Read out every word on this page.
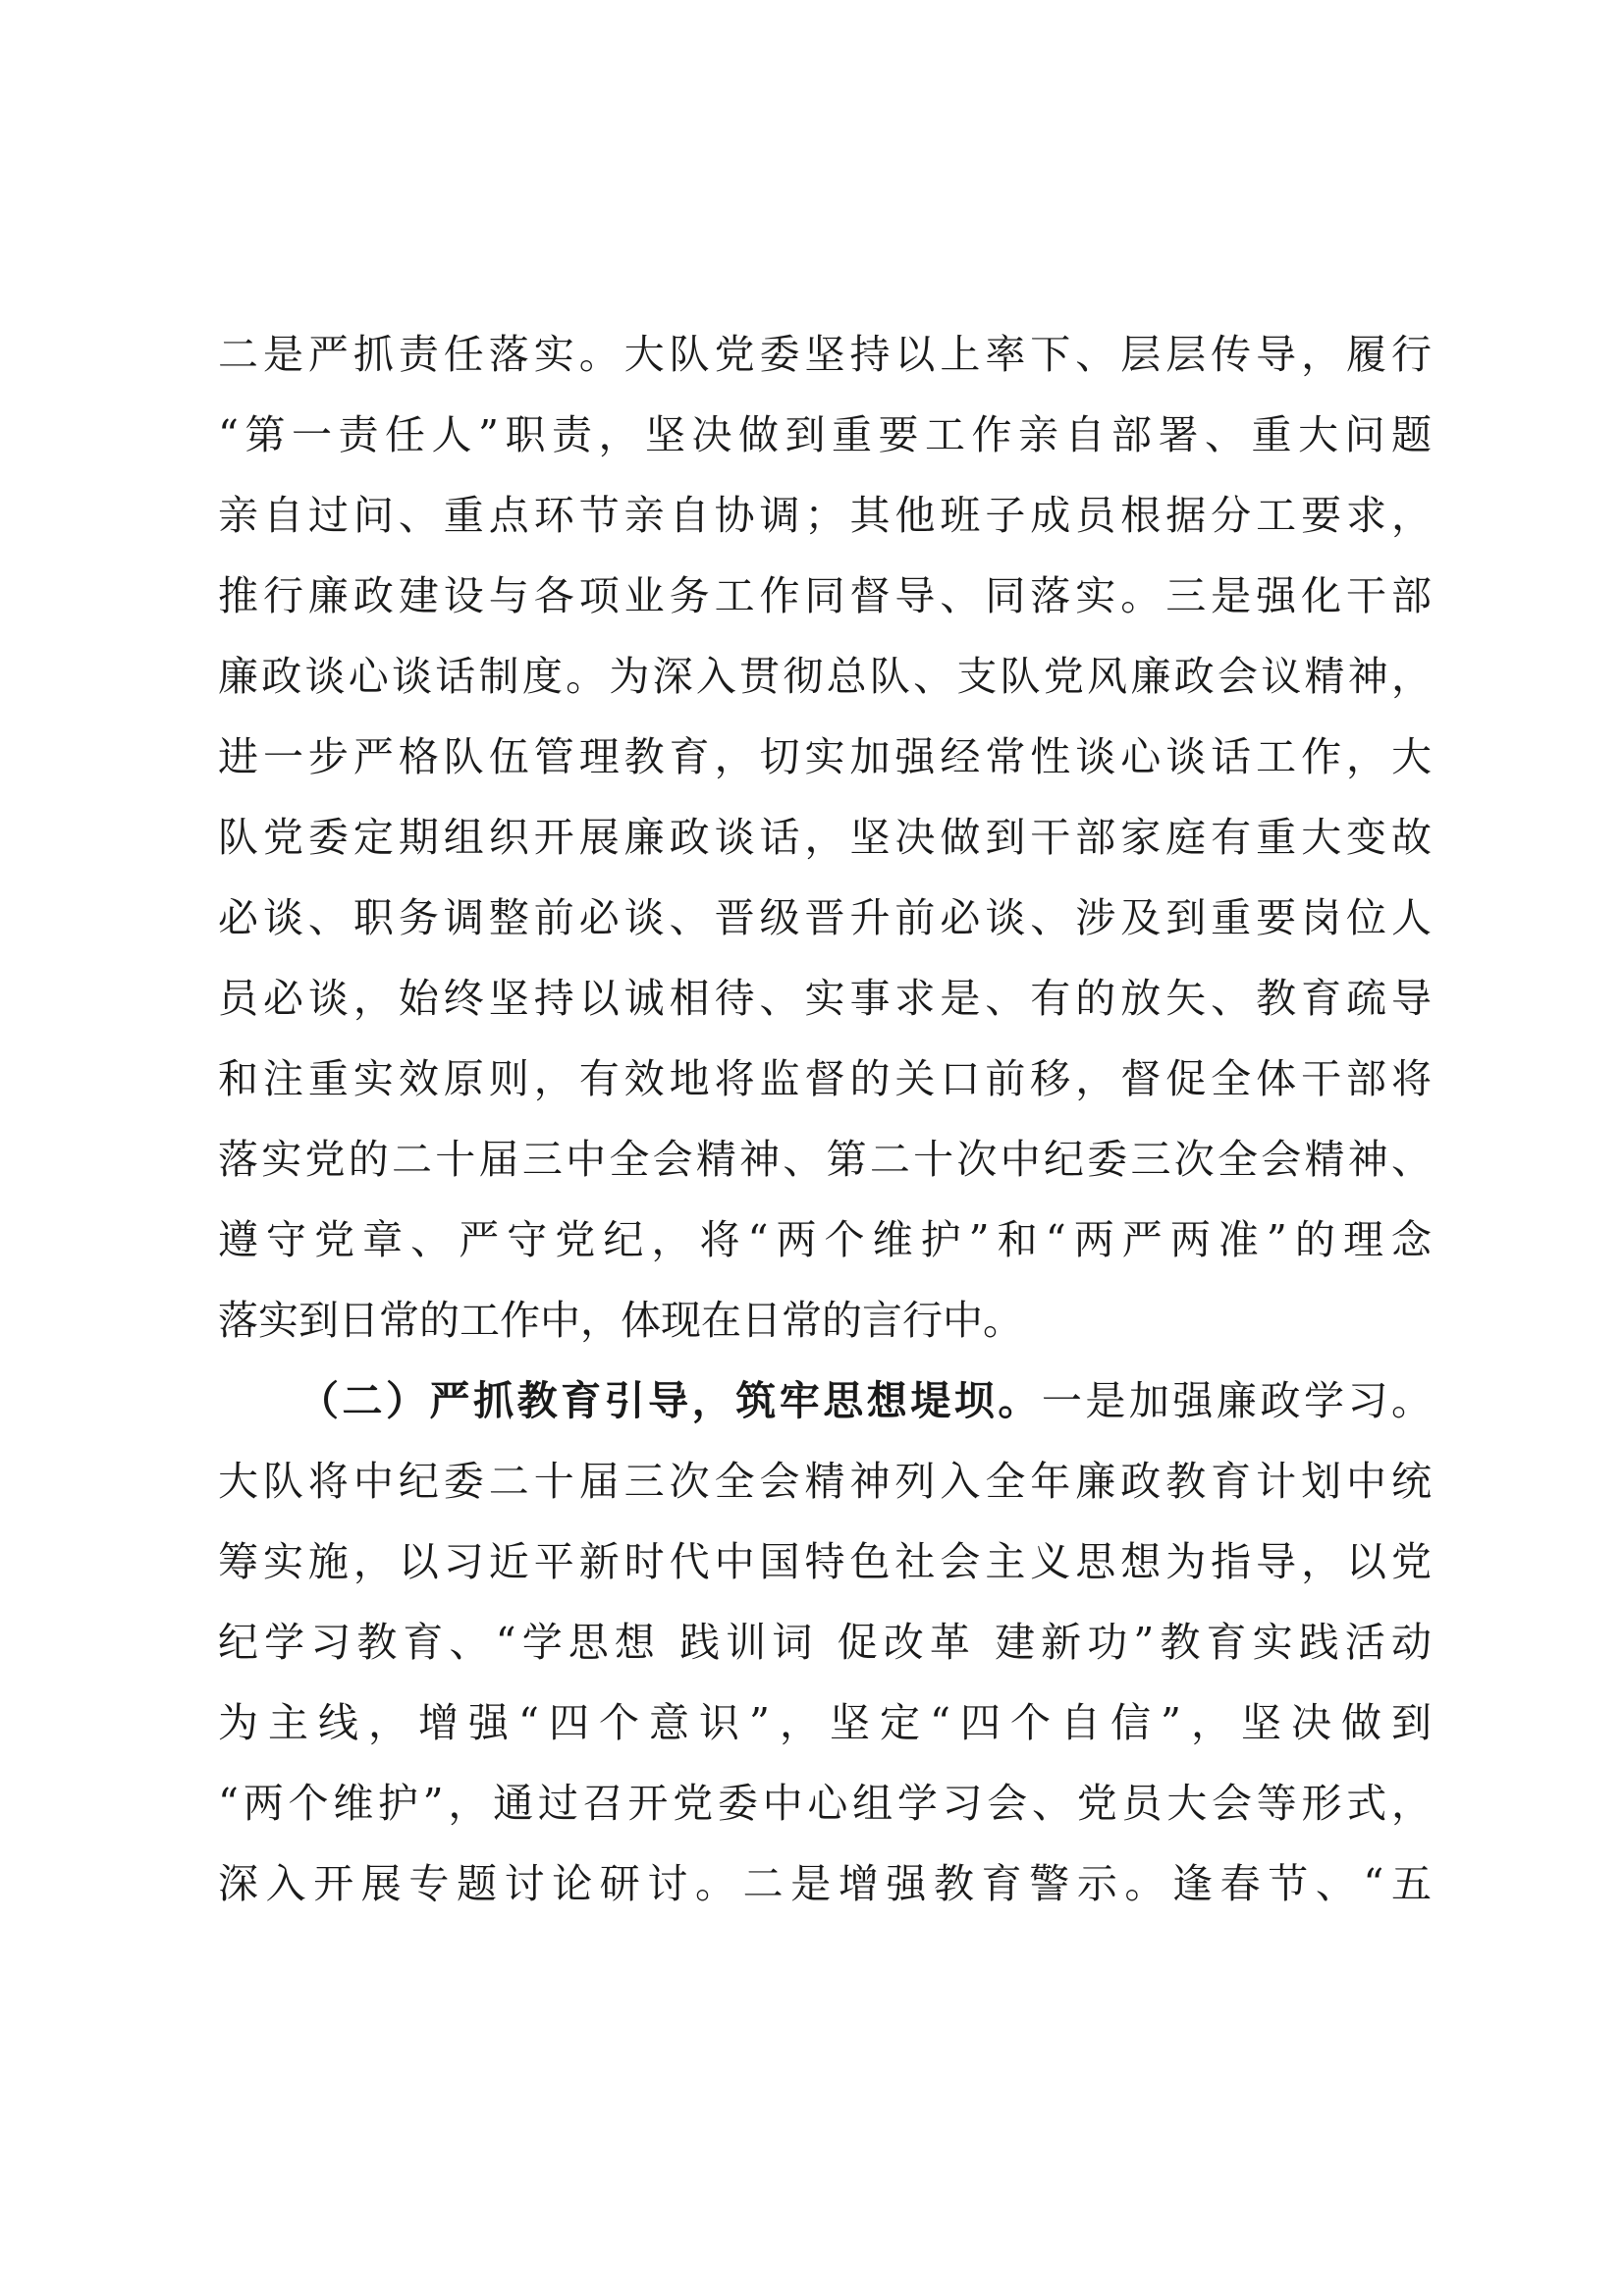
二是严抓责任落实。大队党委坚持以上率下、层层传导，履行
“第一责任人”职责，坚决做到重要工作亲自部署、重大问题
亲自过问、重点环节亲自协调；其他班子成员根据分工要求，
推行廉政建设与各项业务工作同督导、同落实。三是强化干部
廉政谈心谈话制度。为深入贯彻总队、支队党风廉政会议精神，
进一步严格队伍管理教育，切实加强经常性谈心谈话工作，大
队党委定期组织开展廉政谈话，坚决做到干部家庭有重大变故
必谈、职务调整前必谈、晋级晋升前必谈、涉及到重要岗位人
员必谈，始终坚持以诚相待、实事求是、有的放矢、教育疏导
和注重实效原则，有效地将监督的关口前移，督促全体干部将
落实党的二十届三中全会精神、第二十次中纪委三次全会精神、
遵守党章、严守党纪，将“两个维护”和“两严两准”的理念
落实到日常的工作中，体现在日常的言行中。
（二）严抓教育引导，筑牢思想堤坝。一是加强廉政学习。
大队将中纪委二十届三次全会精神列入全年廉政教育计划中统
筹实施，以习近平新时代中国特色社会主义思想为指导，以党
纪学习教育、“学思想 践训词 促改革 建新功”教育实践活动
为主线，增强“四个意识”，坚定“四个自信”，坚决做到
“两个维护”，通过召开党委中心组学习会、党员大会等形式，
深入开展专题讨论研讨。二是增强教育警示。逢春节、“五
